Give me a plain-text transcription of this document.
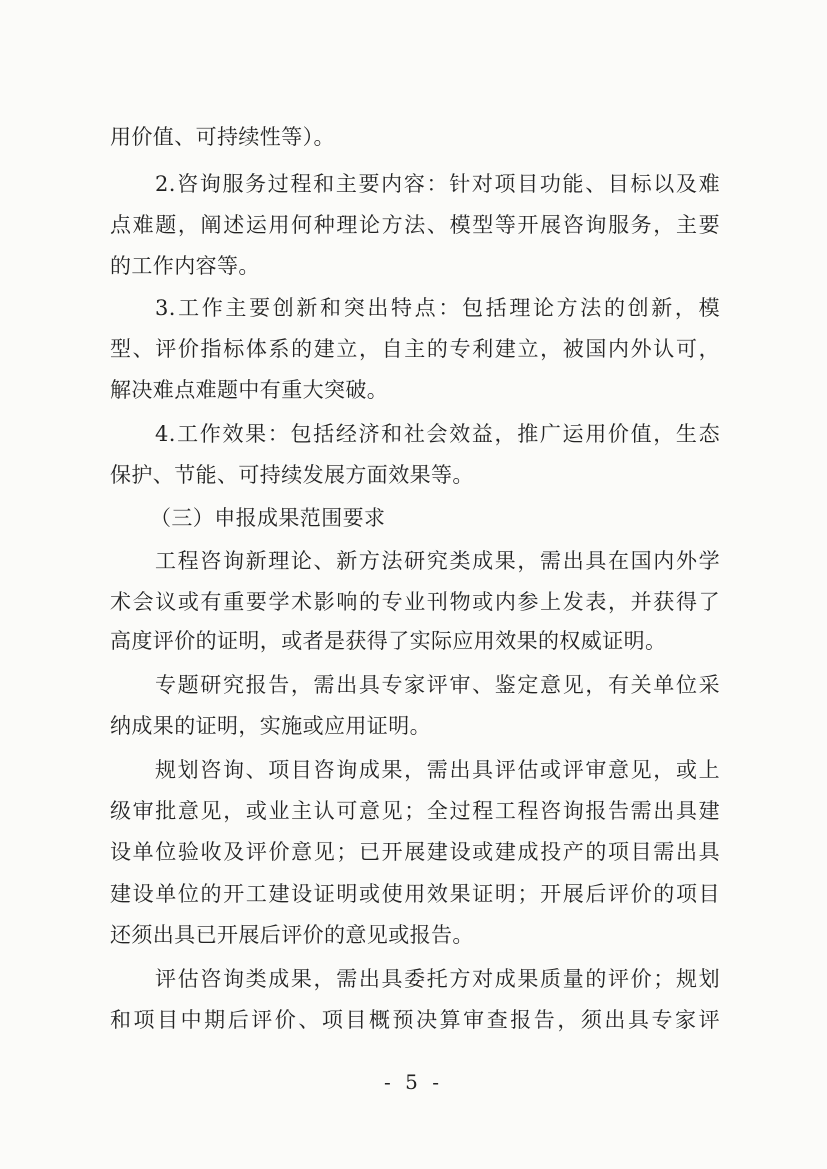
用价值、可持续性等）。
2.咨询服务过程和主要内容：针对项目功能、目标以及难
点难题，阐述运用何种理论方法、模型等开展咨询服务，主要
的工作内容等。
3.工作主要创新和突出特点：包括理论方法的创新，模
型、评价指标体系的建立，自主的专利建立，被国内外认可，
解决难点难题中有重大突破。
4.工作效果：包括经济和社会效益，推广运用价值，生态
保护、节能、可持续发展方面效果等。
（三）申报成果范围要求
工程咨询新理论、新方法研究类成果，需出具在国内外学
术会议或有重要学术影响的专业刊物或内参上发表，并获得了
高度评价的证明，或者是获得了实际应用效果的权威证明。
专题研究报告，需出具专家评审、鉴定意见，有关单位采
纳成果的证明，实施或应用证明。
规划咨询、项目咨询成果，需出具评估或评审意见，或上
级审批意见，或业主认可意见；全过程工程咨询报告需出具建
设单位验收及评价意见；已开展建设或建成投产的项目需出具
建设单位的开工建设证明或使用效果证明；开展后评价的项目
还须出具已开展后评价的意见或报告。
评估咨询类成果，需出具委托方对成果质量的评价；规划
和项目中期后评价、项目概预决算审查报告，须出具专家评
- 5 -
